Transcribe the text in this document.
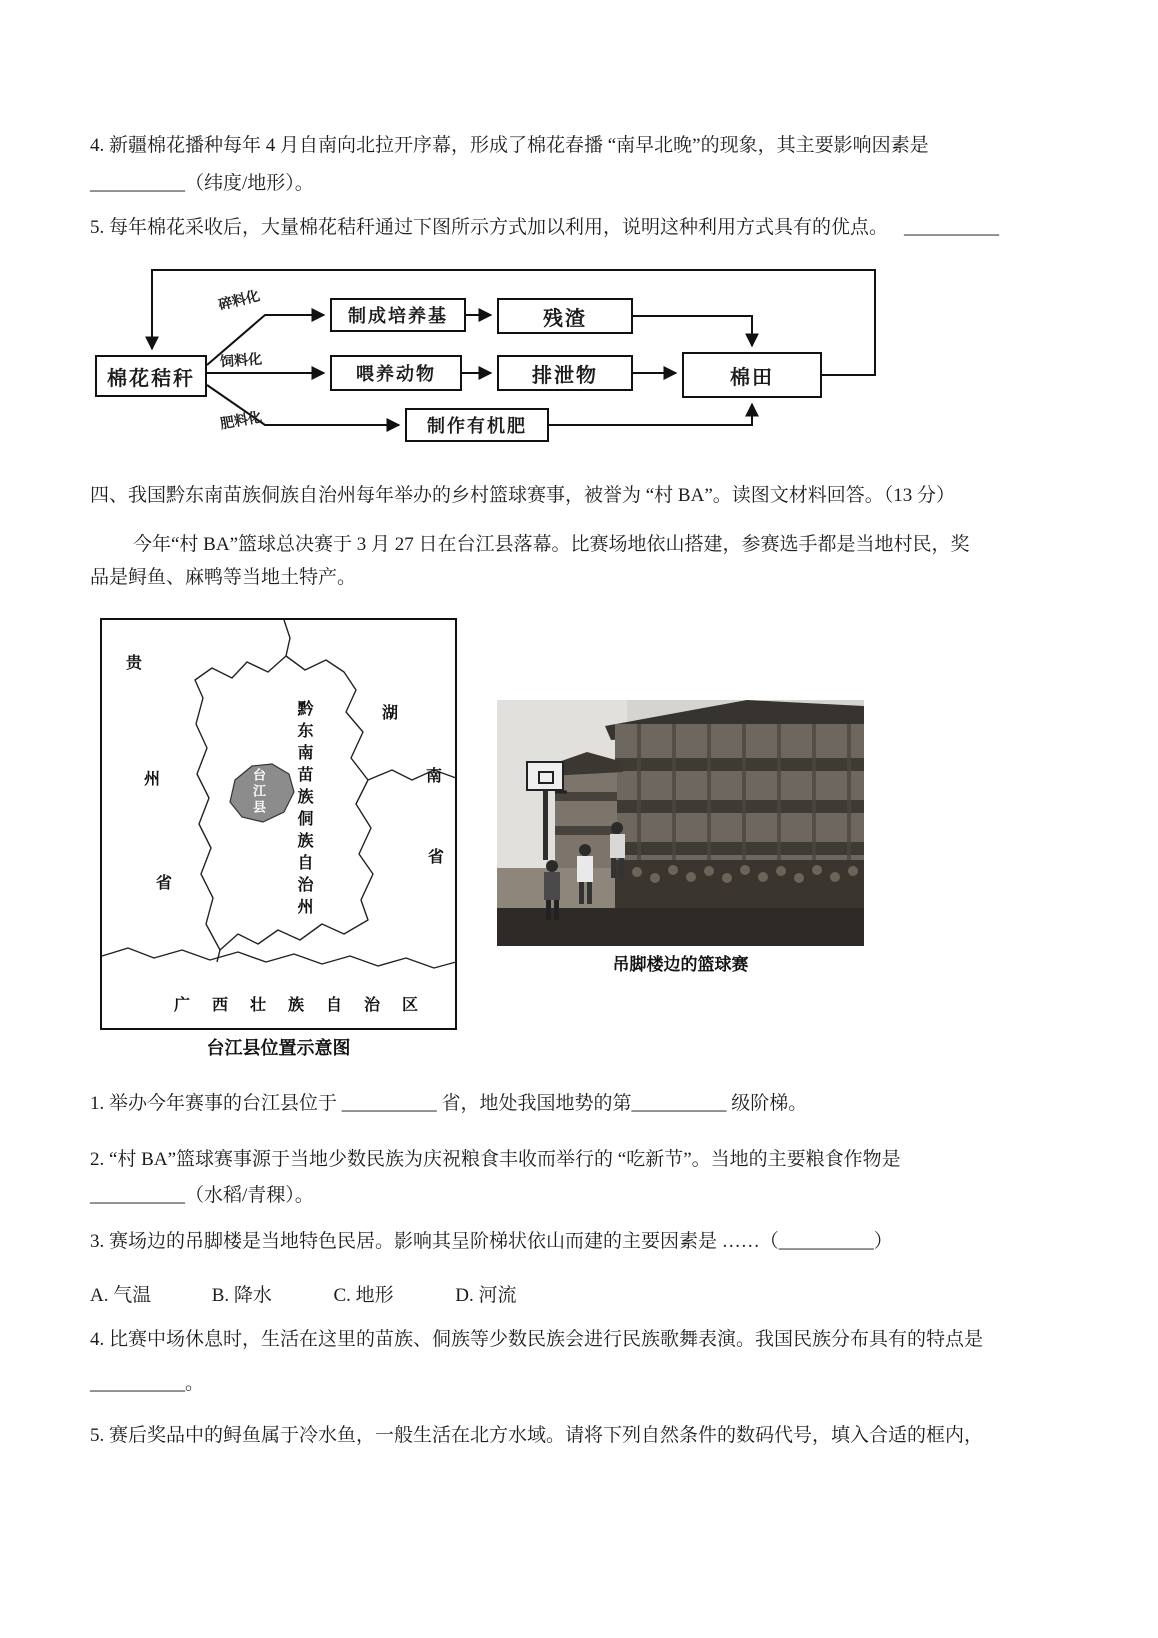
4. 新疆棉花播种每年 4 月自南向北拉开序幕，形成了棉花春播 “南早北晚”的现象，其主要影响因素是
__________（纬度/地形）。
5. 每年棉花采收后，大量棉花秸秆通过下图所示方式加以利用，说明这种利用方式具有的优点。 __________
棉花秸秆
制成培养基	残渣
喂养动物	排泄物	棉田
制作有机肥
碎料化
饲料化
肥料化
四、我国黔东南苗族侗族自治州每年举办的乡村篮球赛事，被誉为 “村 BA”。读图文材料回答。（13 分）
今年“村 BA”篮球总决赛于 3 月 27 日在台江县落幕。比赛场地依山搭建，参赛选手都是当地村民，奖
品是鲟鱼、麻鸭等当地土特产。
贵
州
省
湖
南
省
黔东南苗族侗族自治州
台江县
广西壮族自治区
台江县位置示意图
吊脚楼边的篮球赛
1. 举办今年赛事的台江县位于 __________ 省，地处我国地势的第__________ 级阶梯。
2. “村 BA”篮球赛事源于当地少数民族为庆祝粮食丰收而举行的 “吃新节”。当地的主要粮食作物是
__________（水稻/青稞）。
3. 赛场边的吊脚楼是当地特色民居。影响其呈阶梯状依山而建的主要因素是 ……（__________）
A. 气温	B. 降水	C. 地形	D. 河流
4. 比赛中场休息时，生活在这里的苗族、侗族等少数民族会进行民族歌舞表演。我国民族分布具有的特点是
__________。
5. 赛后奖品中的鲟鱼属于冷水鱼，一般生活在北方水域。请将下列自然条件的数码代号，填入合适的框内，
